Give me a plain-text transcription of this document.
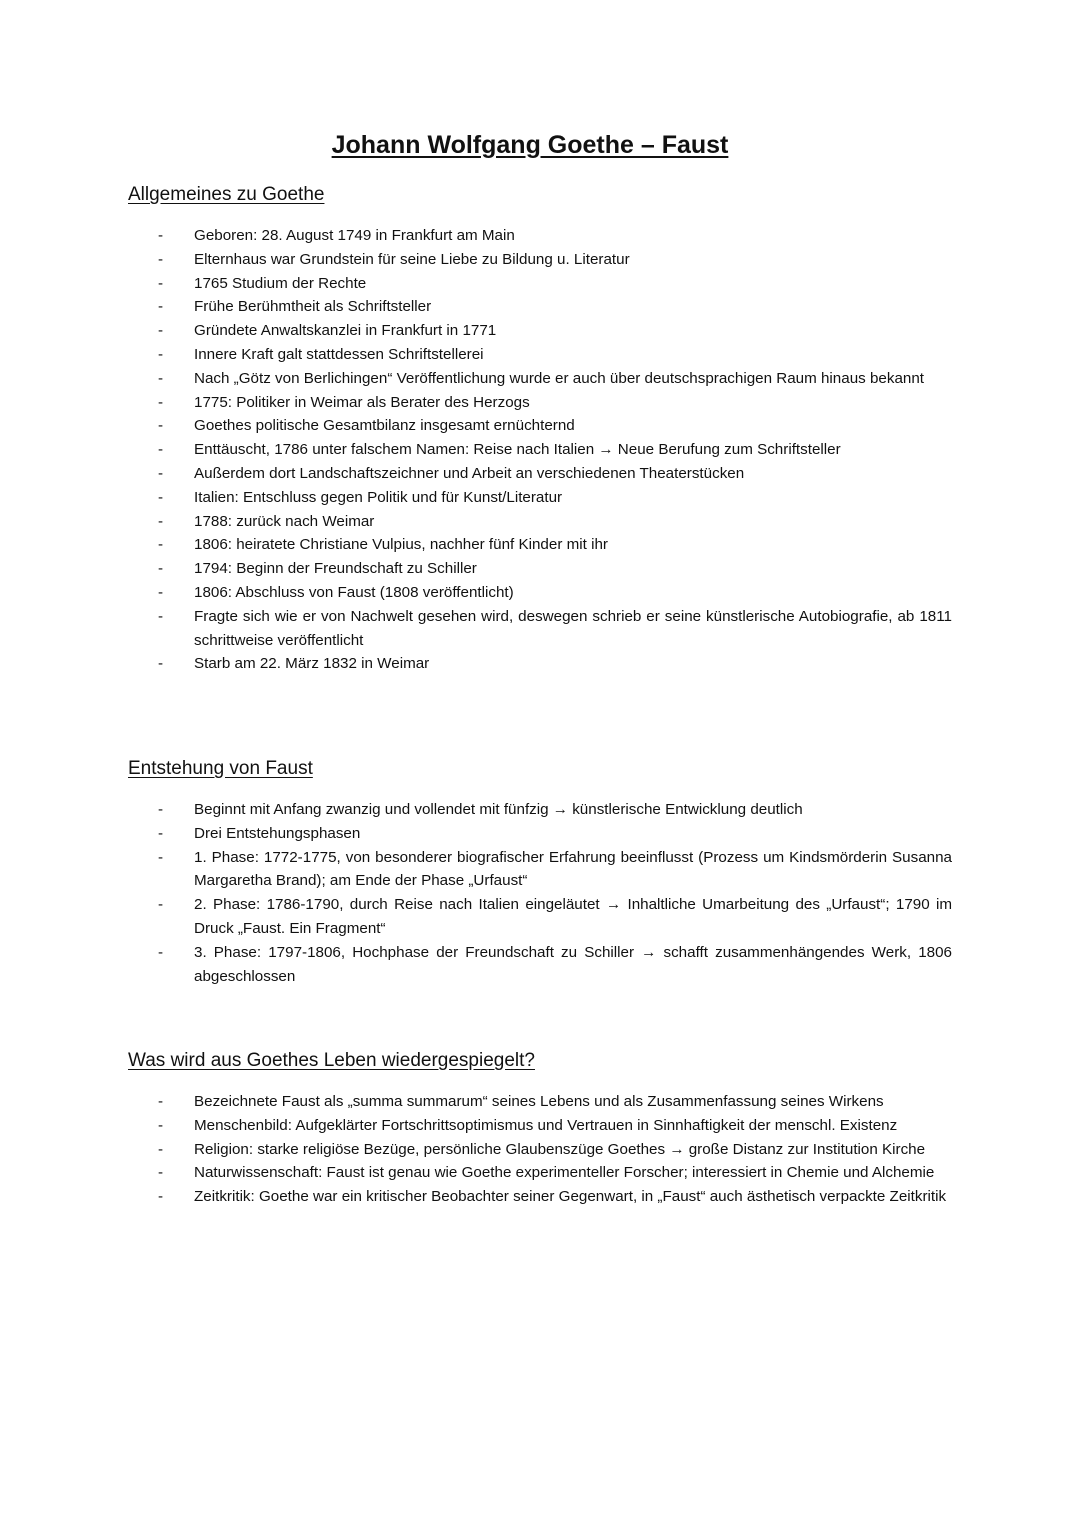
Johann Wolfgang Goethe – Faust
Allgemeines zu Goethe
- Geboren: 28. August 1749 in Frankfurt am Main
- Elternhaus war Grundstein für seine Liebe zu Bildung u. Literatur
- 1765 Studium der Rechte
- Frühe Berühmtheit als Schriftsteller
- Gründete Anwaltskanzlei in Frankfurt in 1771
- Innere Kraft galt stattdessen Schriftstellerei
- Nach „Götz von Berlichingen“ Veröffentlichung wurde er auch über deutschsprachigen Raum hinaus bekannt
- 1775: Politiker in Weimar als Berater des Herzogs
- Goethes politische Gesamtbilanz insgesamt ernüchternd
- Enttäuscht, 1786 unter falschem Namen: Reise nach Italien → Neue Berufung zum Schriftsteller
- Außerdem dort Landschaftszeichner und Arbeit an verschiedenen Theaterstücken
- Italien: Entschluss gegen Politik und für Kunst/Literatur
- 1788: zurück nach Weimar
- 1806: heiratete Christiane Vulpius, nachher fünf Kinder mit ihr
- 1794: Beginn der Freundschaft zu Schiller
- 1806: Abschluss von Faust (1808 veröffentlicht)
- Fragte sich wie er von Nachwelt gesehen wird, deswegen schrieb er seine künstlerische Autobiografie, ab 1811 schrittweise veröffentlicht
- Starb am 22. März 1832 in Weimar
Entstehung von Faust
- Beginnt mit Anfang zwanzig und vollendet mit fünfzig → künstlerische Entwicklung deutlich
- Drei Entstehungsphasen
- 1. Phase: 1772-1775, von besonderer biografischer Erfahrung beeinflusst (Prozess um Kindsmörderin Susanna Margaretha Brand); am Ende der Phase „Urfaust“
- 2. Phase: 1786-1790, durch Reise nach Italien eingeläutet → Inhaltliche Umarbeitung des „Urfaust“; 1790 im Druck „Faust. Ein Fragment“
- 3. Phase: 1797-1806, Hochphase der Freundschaft zu Schiller → schafft zusammenhängendes Werk, 1806 abgeschlossen
Was wird aus Goethes Leben wiedergespiegelt?
- Bezeichnete Faust als „summa summarum“ seines Lebens und als Zusammenfassung seines Wirkens
- Menschenbild: Aufgeklärter Fortschrittsoptimismus und Vertrauen in Sinnhaftigkeit der menschl. Existenz
- Religion: starke religiöse Bezüge, persönliche Glaubenszüge Goethes → große Distanz zur Institution Kirche
- Naturwissenschaft: Faust ist genau wie Goethe experimenteller Forscher; interessiert in Chemie und Alchemie
- Zeitkritik: Goethe war ein kritischer Beobachter seiner Gegenwart, in „Faust“ auch ästhetisch verpackte Zeitkritik
